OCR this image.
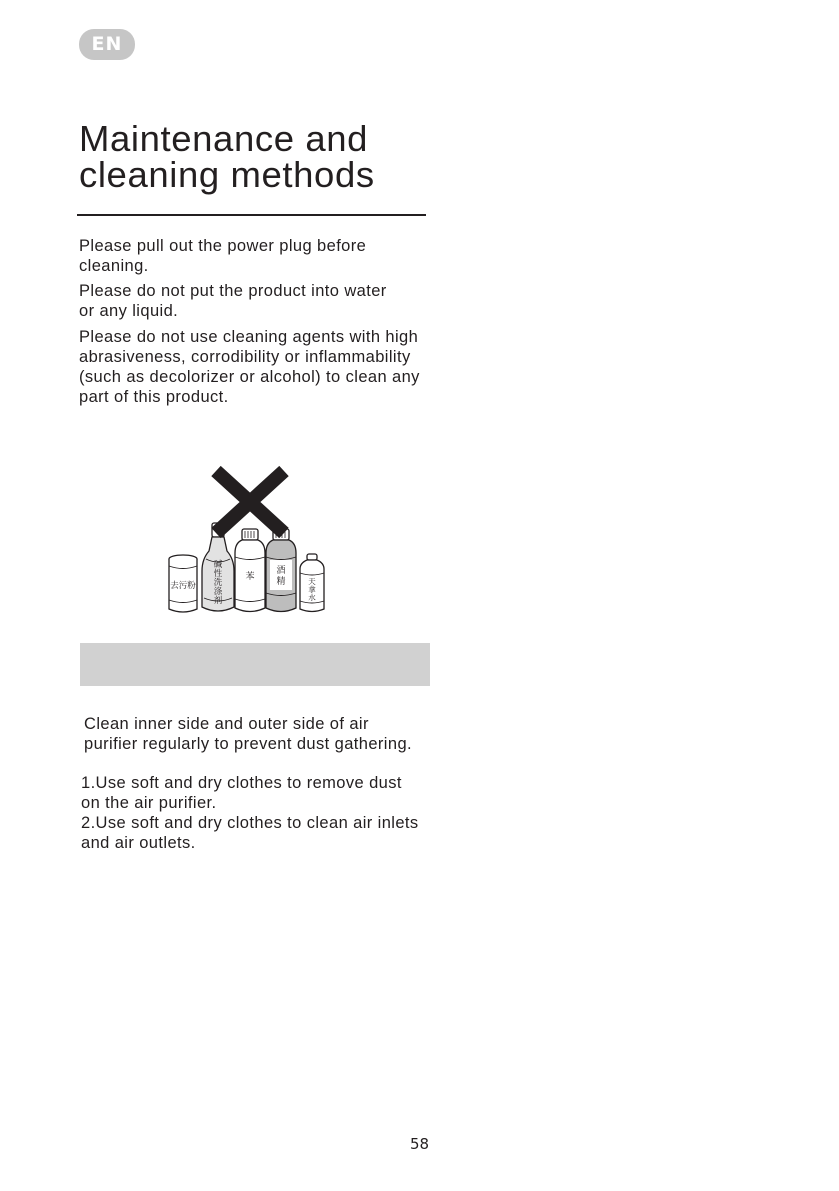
EN
Maintenance and
cleaning methods

Please pull out the power plug before
cleaning.

Please do not put the product into water
or any liquid.

Please do not use cleaning agents with high
abrasiveness, corrodibility or inflammability
(such as decolorizer or alcohol) to clean any
part of this product.

去污粉
碱
性
洗
涤
剂
苯
酒
精	天
拿
水

Clean inner side and outer side of air
purifier regularly to prevent dust gathering.

1.Use soft and dry clothes to remove dust
on the air purifier.
2.Use soft and dry clothes to clean air inlets
and air outlets.

58
